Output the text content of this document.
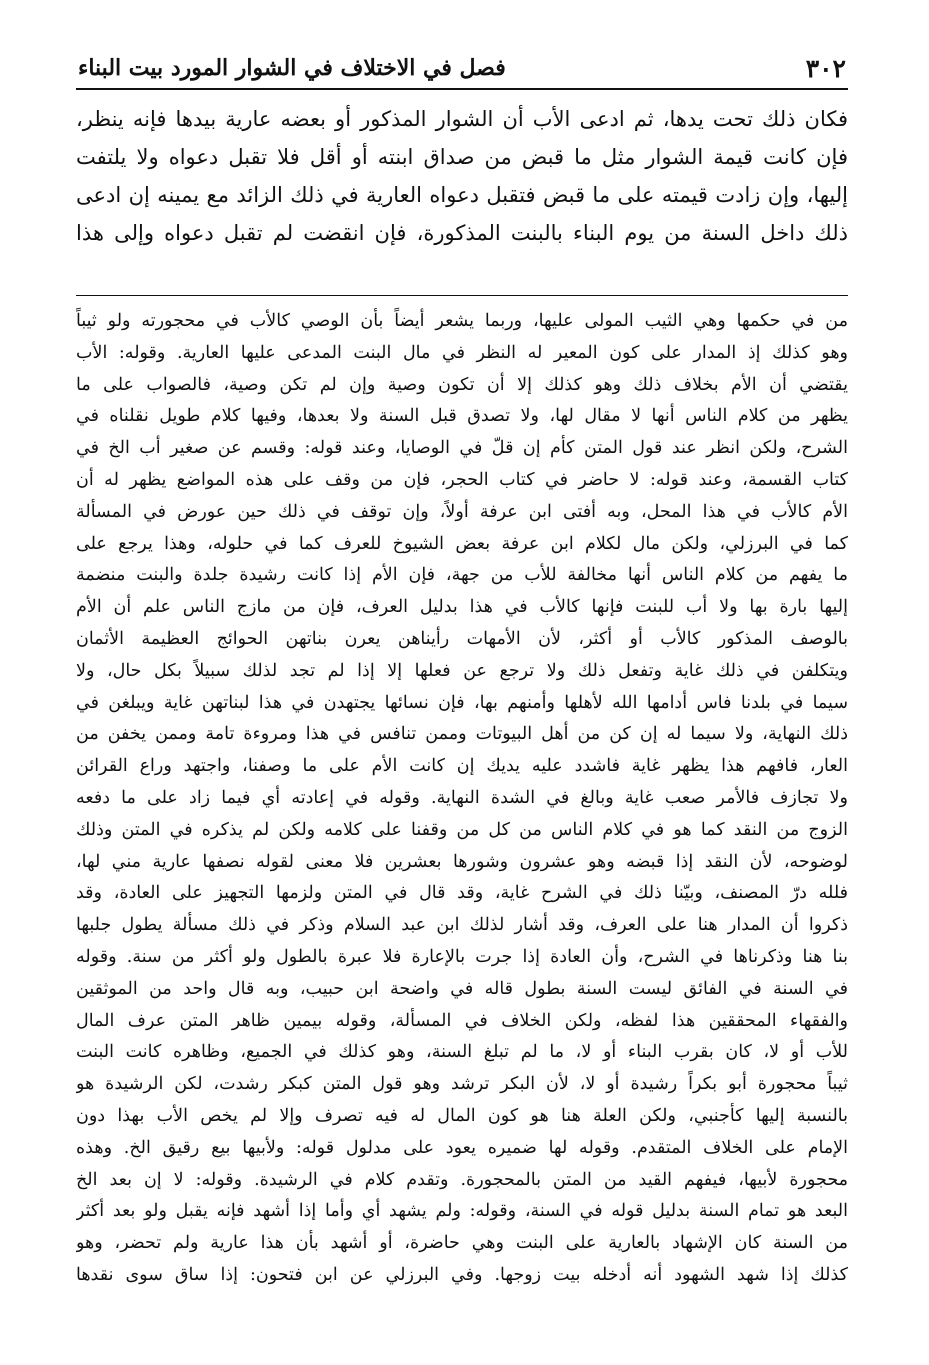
٣٠٢
فصل في الاختلاف في الشوار المورد بيت البناء
فكان ذلك تحت يدها، ثم ادعى الأب أن الشوار المذكور أو بعضه عارية بيدها فإنه ينظر،
فإن كانت قيمة الشوار مثل ما قبض من صداق ابنته أو أقل فلا تقبل دعواه ولا يلتفت
إليها، وإن زادت قيمته على ما قبض فتقبل دعواه العارية في ذلك الزائد مع يمينه إن ادعى
ذلك داخل السنة من يوم البناء بالبنت المذكورة، فإن انقضت لم تقبل دعواه وإلى هذا
من في حكمها وهي الثيب المولى عليها، وربما يشعر أيضاً بأن الوصي كالأب في محجورته ولو ثيباً
وهو كذلك إذ المدار على كون المعير له النظر في مال البنت المدعى عليها العارية. وقوله: الأب
يقتضي أن الأم بخلاف ذلك وهو كذلك إلا أن تكون وصية وإن لم تكن وصية، فالصواب على ما
يظهر من كلام الناس أنها لا مقال لها، ولا تصدق قبل السنة ولا بعدها، وفيها كلام طويل نقلناه في
الشرح، ولكن انظر عند قول المتن كأم إن قلّ في الوصايا، وعند قوله: وقسم عن صغير أب الخ في
كتاب القسمة، وعند قوله: لا حاضر في كتاب الحجر، فإن من وقف على هذه المواضع يظهر له أن
الأم كالأب في هذا المحل، وبه أفتى ابن عرفة أولاً، وإن توقف في ذلك حين عورض في المسألة
كما في البرزلي، ولكن مال لكلام ابن عرفة بعض الشيوخ للعرف كما في حلوله، وهذا يرجع على
ما يفهم من كلام الناس أنها مخالفة للأب من جهة، فإن الأم إذا كانت رشيدة جلدة والبنت منضمة
إليها بارة بها ولا أب للبنت فإنها كالأب في هذا بدليل العرف، فإن من مازج الناس علم أن الأم
بالوصف المذكور كالأب أو أكثر، لأن الأمهات رأيناهن يعرن بناتهن الحوائج العظيمة الأثمان
ويتكلفن في ذلك غاية وتفعل ذلك ولا ترجع عن فعلها إلا إذا لم تجد لذلك سبيلاً بكل حال، ولا
سيما في بلدنا فاس أدامها الله لأهلها وأمنهم بها، فإن نسائها يجتهدن في هذا لبناتهن غاية ويبلغن في
ذلك النهاية، ولا سيما له إن كن من أهل البيوتات وممن تنافس في هذا ومروءة تامة وممن يخفن من
العار، فافهم هذا يظهر غاية فاشدد عليه يديك إن كانت الأم على ما وصفنا، واجتهد وراع القرائن
ولا تجازف فالأمر صعب غاية وبالغ في الشدة النهاية. وقوله في إعادته أي فيما زاد على ما دفعه
الزوج من النقد كما هو في كلام الناس من كل من وقفنا على كلامه ولكن لم يذكره في المتن وذلك
لوضوحه، لأن النقد إذا قبضه وهو عشرون وشورها بعشرين فلا معنى لقوله نصفها عارية مني لها،
فلله درّ المصنف، وبيّنا ذلك في الشرح غاية، وقد قال في المتن ولزمها التجهيز على العادة، وقد
ذكروا أن المدار هنا على العرف، وقد أشار لذلك ابن عبد السلام وذكر في ذلك مسألة يطول جلبها
بنا هنا وذكرناها في الشرح، وأن العادة إذا جرت بالإعارة فلا عبرة بالطول ولو أكثر من سنة. وقوله
في السنة في الفائق ليست السنة بطول قاله في واضحة ابن حبيب، وبه قال واحد من الموثقين
والفقهاء المحققين هذا لفظه، ولكن الخلاف في المسألة، وقوله بيمين ظاهر المتن عرف المال
للأب أو لا، كان بقرب البناء أو لا، ما لم تبلغ السنة، وهو كذلك في الجميع، وظاهره كانت البنت
ثيباً محجورة أبو بكراً رشيدة أو لا، لأن البكر ترشد وهو قول المتن كبكر رشدت، لكن الرشيدة هو
بالنسبة إليها كأجنبي، ولكن العلة هنا هو كون المال له فيه تصرف وإلا لم يخص الأب بهذا دون
الإمام على الخلاف المتقدم. وقوله لها ضميره يعود على مدلول قوله: ولأبيها بيع رقيق الخ. وهذه
محجورة لأبيها، فيفهم القيد من المتن بالمحجورة. وتقدم كلام في الرشيدة. وقوله: لا إن بعد الخ
البعد هو تمام السنة بدليل قوله في السنة، وقوله: ولم يشهد أي وأما إذا أشهد فإنه يقبل ولو بعد أكثر
من السنة كان الإشهاد بالعارية على البنت وهي حاضرة، أو أشهد بأن هذا عارية ولم تحضر، وهو
كذلك إذا شهد الشهود أنه أدخله بيت زوجها. وفي البرزلي عن ابن فتحون: إذا ساق سوى نقدها
